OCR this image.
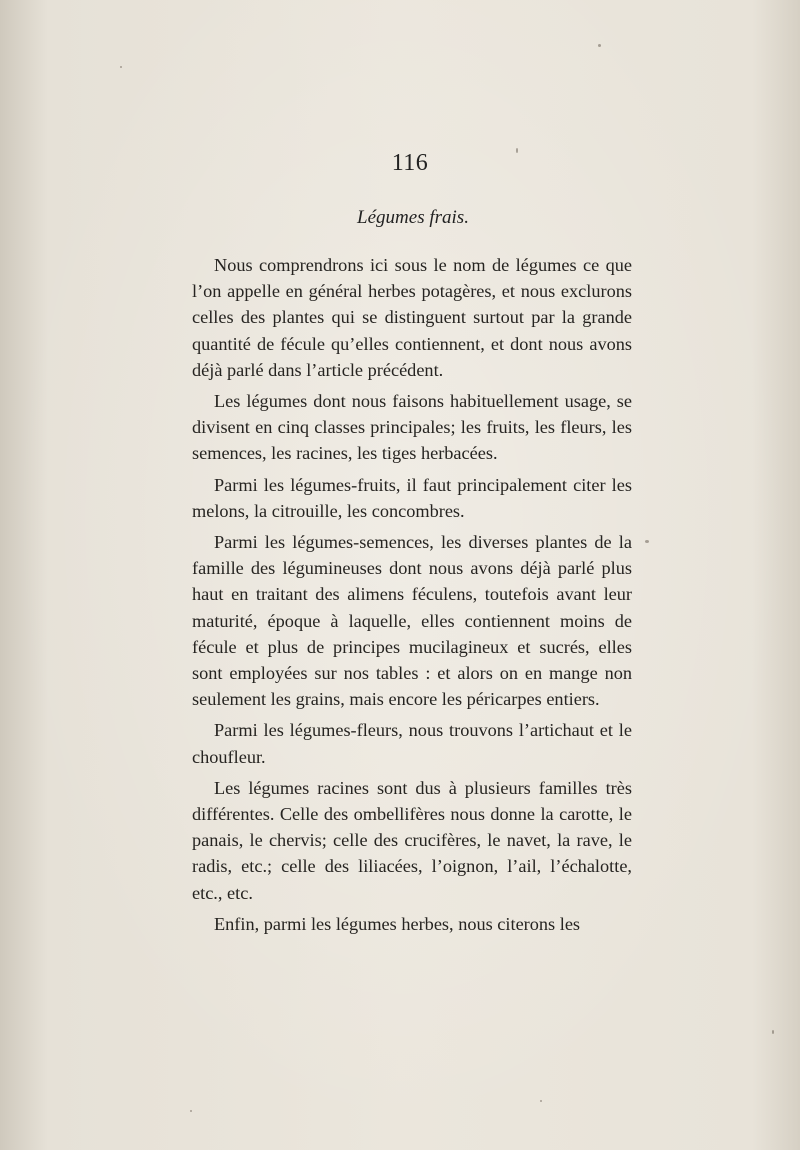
116
Légumes frais.

Nous comprendrons ici sous le nom de légumes ce que l’on appelle en général herbes potagères, et nous exclurons celles des plantes qui se distinguent surtout par la grande quantité de fécule qu’elles contiennent, et dont nous avons déjà parlé dans l’article précédent.

Les légumes dont nous faisons habituellement usage, se divisent en cinq classes principales; les fruits, les fleurs, les semences, les racines, les tiges herbacées.

Parmi les légumes-fruits, il faut principalement citer les melons, la citrouille, les concombres.

Parmi les légumes-semences, les diverses plantes de la famille des légumineuses dont nous avons déjà parlé plus haut en traitant des alimens féculens, toutefois avant leur maturité, époque à laquelle, elles contiennent moins de fécule et plus de principes mucilagineux et sucrés, elles sont employées sur nos tables : et alors on en mange non seulement les grains, mais encore les péricarpes entiers.

Parmi les légumes-fleurs, nous trouvons l’artichaut et le choufleur.

Les légumes racines sont dus à plusieurs familles très différentes. Celle des ombellifères nous donne la carotte, le panais, le chervis; celle des crucifères, le navet, la rave, le radis, etc.; celle des liliacées, l’oignon, l’ail, l’échalotte, etc., etc.

Enfin, parmi les légumes herbes, nous citerons les
